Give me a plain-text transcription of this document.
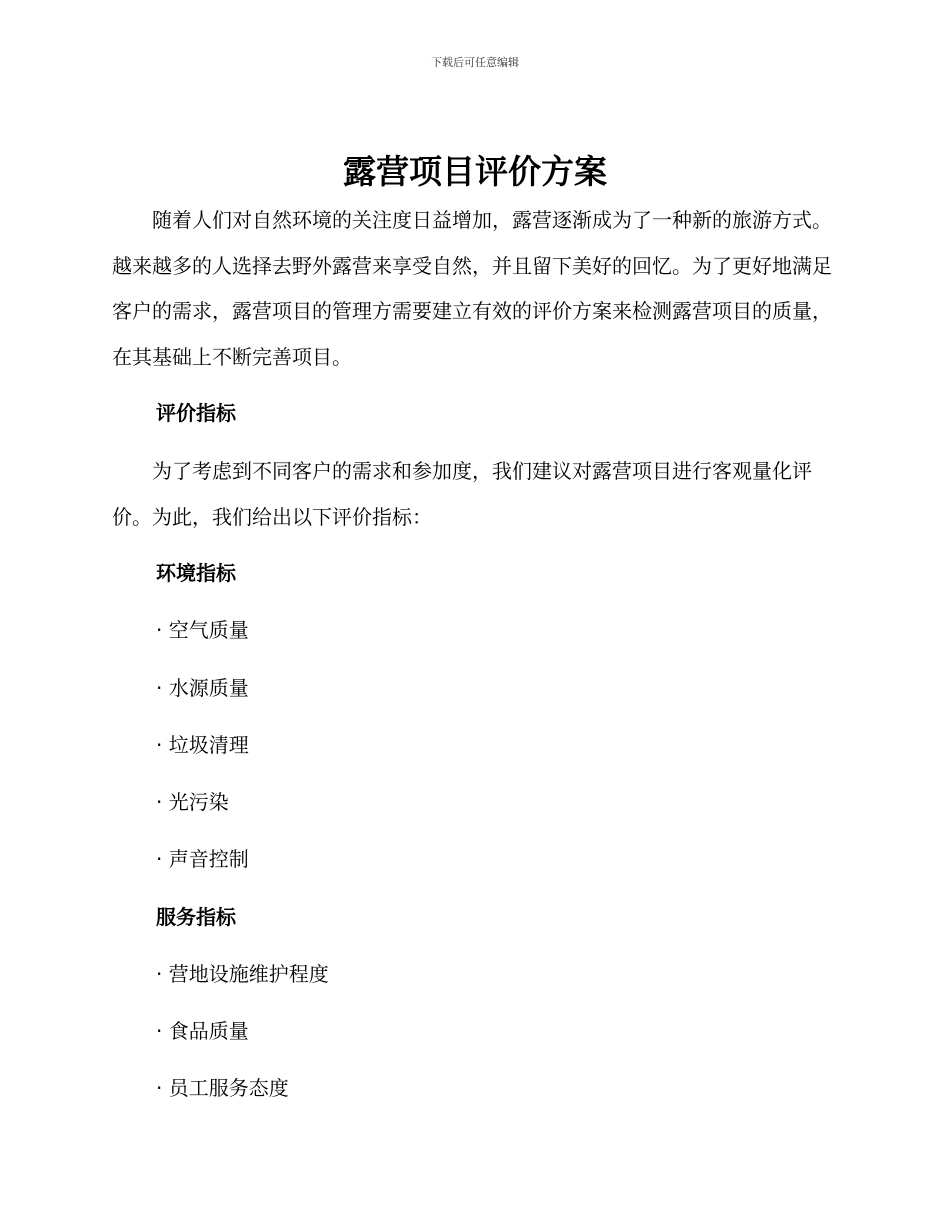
下载后可任意编辑
露营项目评价方案

随着人们对自然环境的关注度日益增加，露营逐渐成为了一种新的旅游方式。越来越多的人选择去野外露营来享受自然，并且留下美好的回忆。为了更好地满足客户的需求，露营项目的管理方需要建立有效的评价方案来检测露营项目的质量，在其基础上不断完善项目。

评价指标

为了考虑到不同客户的需求和参加度，我们建议对露营项目进行客观量化评价。为此，我们给出以下评价指标：

环境指标

· 空气质量

· 水源质量

· 垃圾清理

· 光污染

· 声音控制

服务指标

· 营地设施维护程度

· 食品质量

· 员工服务态度
